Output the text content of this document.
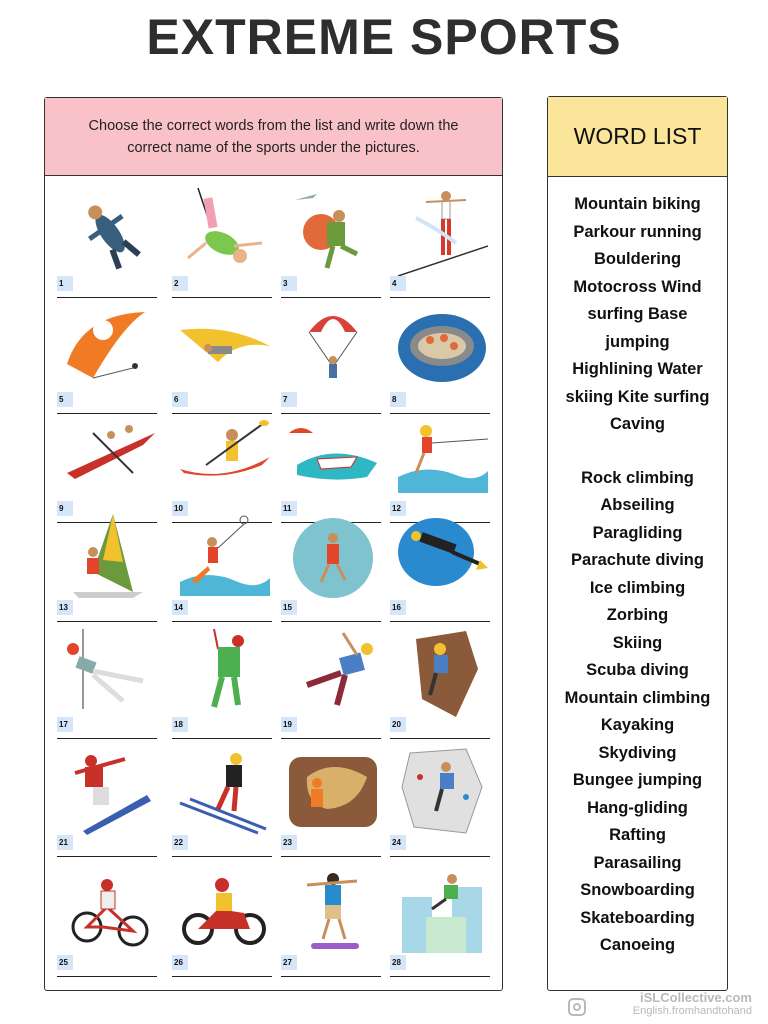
EXTREME SPORTS
Choose the correct words from the list and write down the correct name of the sports under the pictures.
1	2	3	4
5	6	7	8
9	10	11	12
13	14	15	16
17	18	19	20
21	22	23	24
25	26	27	28
WORD LIST
Mountain biking
Parkour running
Bouldering
Motocross Wind
surfing Base
jumping
Highlining Water
skiing Kite surfing
Caving
Rock climbing
Abseiling
Paragliding
Parachute diving
Ice climbing
Zorbing
Skiing
Scuba diving
Mountain climbing
Kayaking
Skydiving
Bungee jumping
Hang-gliding
Rafting
Parasailing
Snowboarding
Skateboarding
Canoeing
iSLCollective.com
English.fromhandtohand
